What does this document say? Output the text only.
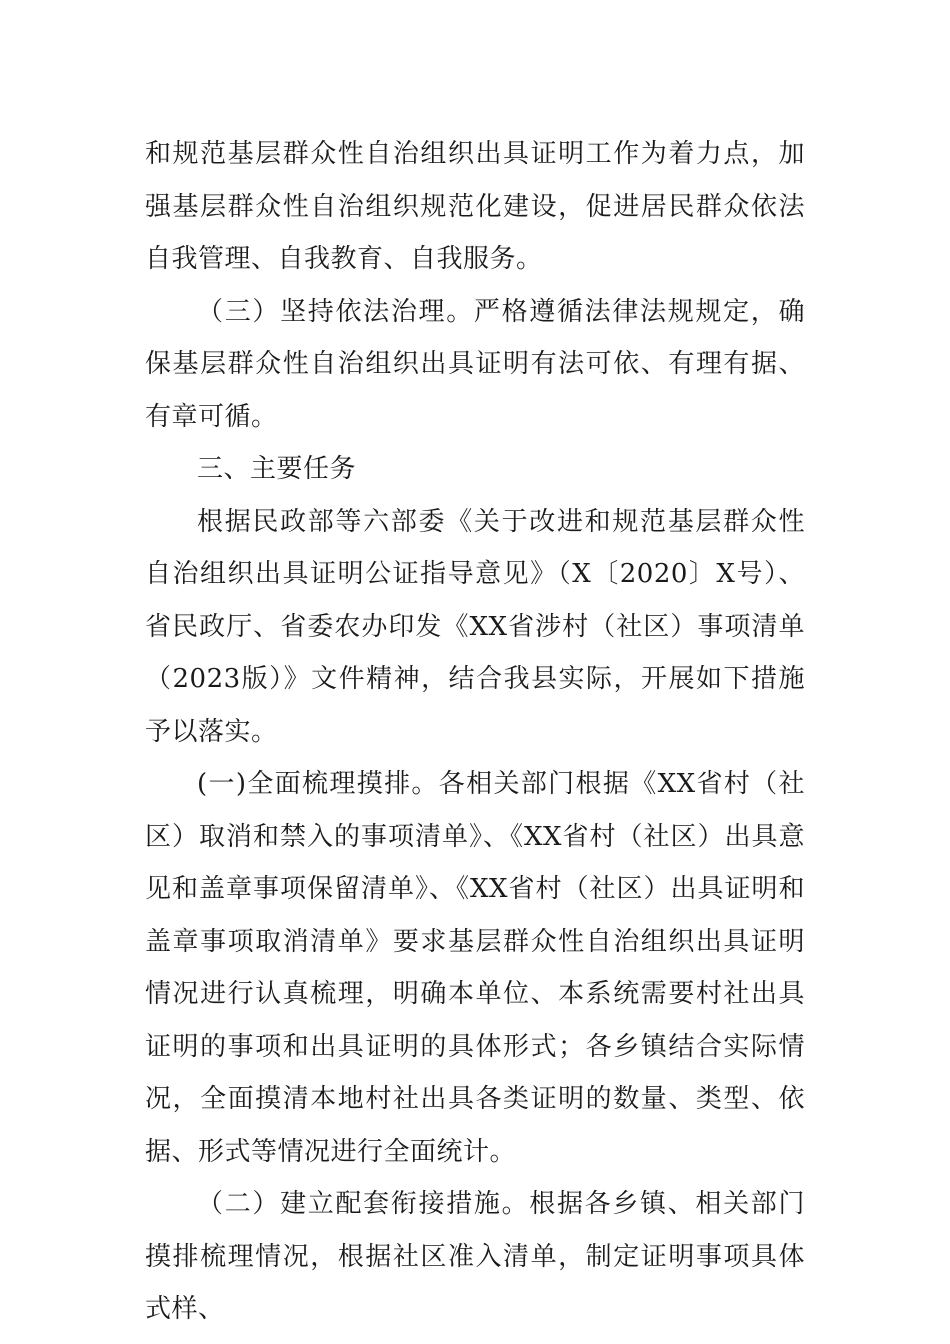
和规范基层群众性自治组织出具证明工作为着力点，加强基层群众性自治组织规范化建设，促进居民群众依法自我管理、自我教育、自我服务。

（三）坚持依法治理。严格遵循法律法规规定，确保基层群众性自治组织出具证明有法可依、有理有据、有章可循。

三、主要任务

根据民政部等六部委《关于改进和规范基层群众性自治组织出具证明公证指导意见》（X〔2020〕X号）、省民政厅、省委农办印发《XX省涉村（社区）事项清单（2023版）》文件精神，结合我县实际，开展如下措施予以落实。

(一)全面梳理摸排。各相关部门根据《XX省村（社区）取消和禁入的事项清单》、《XX省村（社区）出具意见和盖章事项保留清单》、《XX省村（社区）出具证明和盖章事项取消清单》要求基层群众性自治组织出具证明情况进行认真梳理，明确本单位、本系统需要村社出具证明的事项和出具证明的具体形式；各乡镇结合实际情况，全面摸清本地村社出具各类证明的数量、类型、依据、形式等情况进行全面统计。

（二）建立配套衔接措施。根据各乡镇、相关部门摸排梳理情况，根据社区准入清单，制定证明事项具体式样、
